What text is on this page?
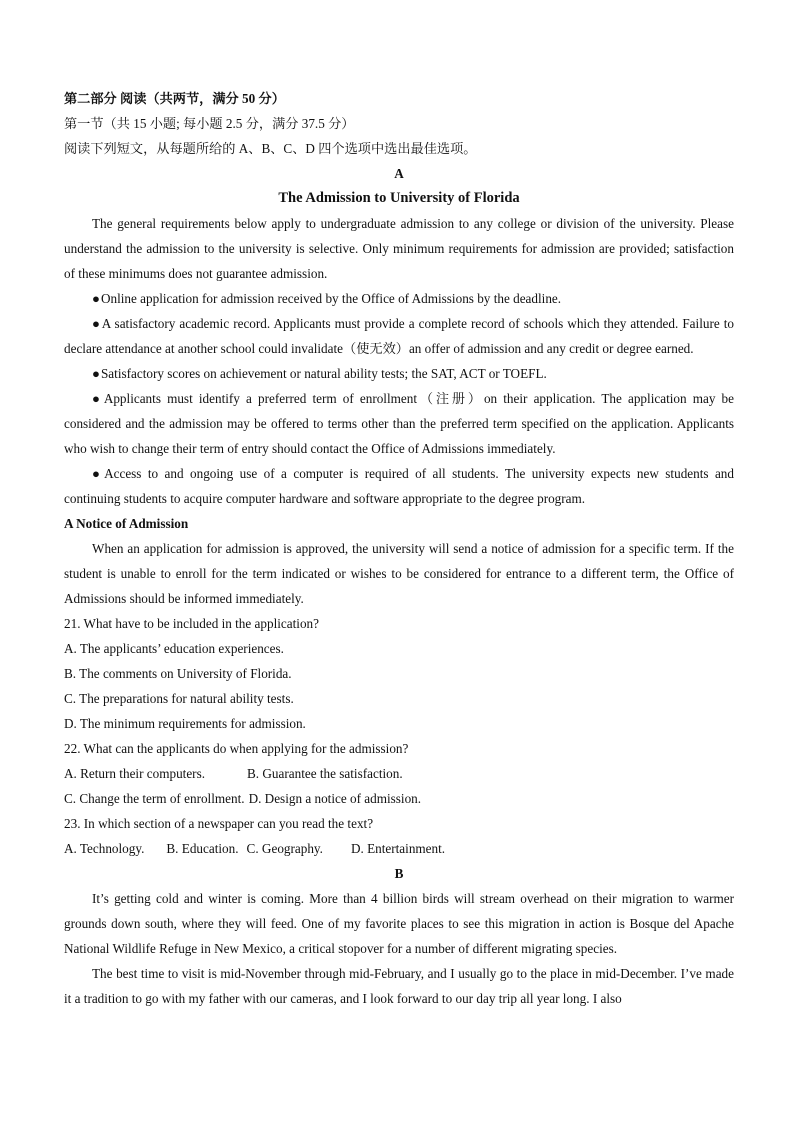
第二部分 阅读（共两节，满分 50 分）
第一节（共 15 小题; 每小题 2.5 分，满分 37.5 分）
阅读下列短文，从每题所给的 A、B、C、D 四个选项中选出最佳选项。
A
The Admission to University of Florida
The general requirements below apply to undergraduate admission to any college or division of the university. Please understand the admission to the university is selective. Only minimum requirements for admission are provided; satisfaction of these minimums does not guarantee admission.
● Online application for admission received by the Office of Admissions by the deadline.
● A satisfactory academic record. Applicants must provide a complete record of schools which they attended. Failure to declare attendance at another school could invalidate（使无效）an offer of admission and any credit or degree earned.
● Satisfactory scores on achievement or natural ability tests; the SAT, ACT or TOEFL.
● Applicants must identify a preferred term of enrollment（注册）on their application. The application may be considered and the admission may be offered to terms other than the preferred term specified on the application. Applicants who wish to change their term of entry should contact the Office of Admissions immediately.
● Access to and ongoing use of a computer is required of all students. The university expects new students and continuing students to acquire computer hardware and software appropriate to the degree program.
A Notice of Admission
When an application for admission is approved, the university will send a notice of admission for a specific term. If the student is unable to enroll for the term indicated or wishes to be considered for entrance to a different term, the Office of Admissions should be informed immediately.
21. What have to be included in the application?
A. The applicants’ education experiences.
B. The comments on University of Florida.
C. The preparations for natural ability tests.
D. The minimum requirements for admission.
22. What can the applicants do when applying for the admission?
A. Return their computers.	B. Guarantee the satisfaction.
C. Change the term of enrollment. D. Design a notice of admission.
23. In which section of a newspaper can you read the text?
A. Technology. B. Education. C. Geography. D. Entertainment.
B
It’s getting cold and winter is coming. More than 4 billion birds will stream overhead on their migration to warmer grounds down south, where they will feed. One of my favorite places to see this migration in action is Bosque del Apache National Wildlife Refuge in New Mexico, a critical stopover for a number of different migrating species.
The best time to visit is mid-November through mid-February, and I usually go to the place in mid-December. I’ve made it a tradition to go with my father with our cameras, and I look forward to our day trip all year long. I also
